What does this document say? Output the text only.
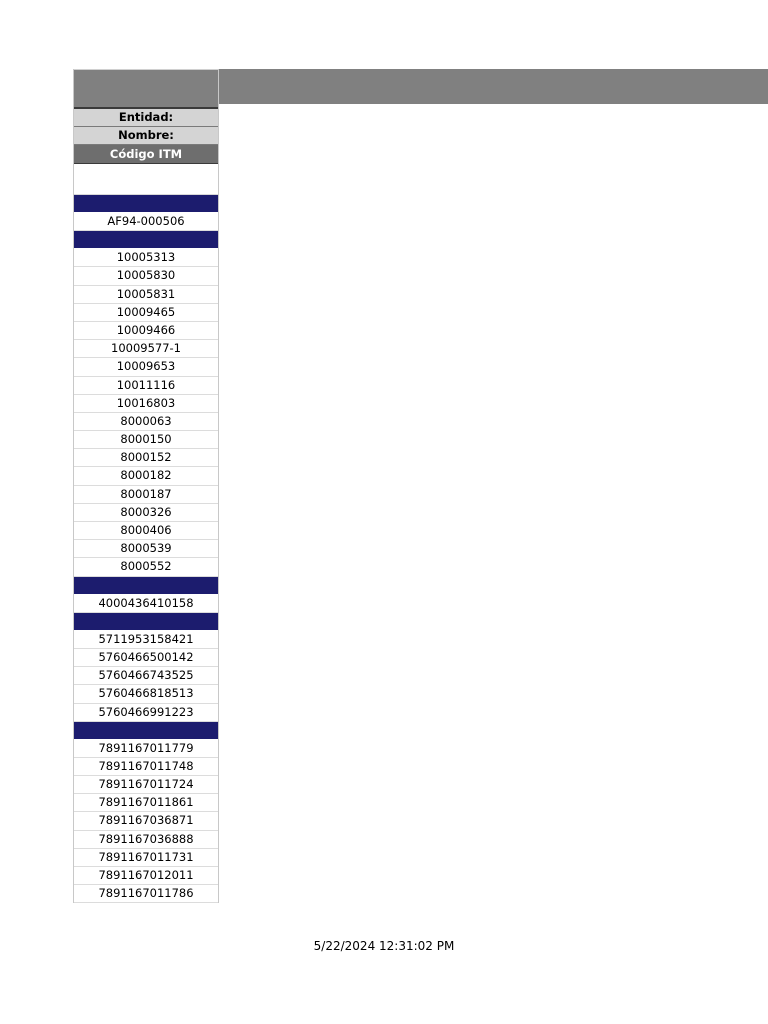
Entidad:
Nombre:
Código ITM
AF94-000506
10005313
10005830
10005831
10009465
10009466
10009577-1
10009653
10011116
10016803
8000063
8000150
8000152
8000182
8000187
8000326
8000406
8000539
8000552
4000436410158
5711953158421
5760466500142
5760466743525
5760466818513
5760466991223
7891167011779
7891167011748
7891167011724
7891167011861
7891167036871
7891167036888
7891167011731
7891167012011
7891167011786
5/22/2024 12:31:02 PM
